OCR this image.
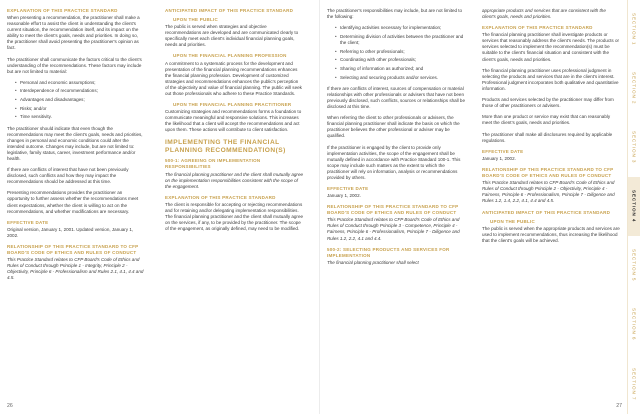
EXPLANATION OF THIS PRACTICE STANDARD

When presenting a recommendation, the practitioner shall make a reasonable effort to assist the client in understanding the client's current situation, the recommendation itself, and its impact on the ability to meet the client's goals, needs and priorities. In doing so, the practitioner shall avoid presenting the practitioner's opinion as fact.

The practitioner shall communicate the factors critical to the client's understanding of the recommendations. These factors may include but are not limited to material:

• Personal and economic assumptions;
• Interdependence of recommendations;
• Advantages and disadvantages;
• Risks; and/or
• Time sensitivity.

The practitioner should indicate that even though the recommendations may meet the client's goals, needs and priorities, changes in personal and economic conditions could alter the intended outcome. Changes may include, but are not limited to: legislative, family status, career, investment performance and/or health.

If there are conflicts of interest that have not been previously disclosed, such conflicts and how they may impact the recommendations should be addressed at this time.

Presenting recommendations provides the practitioner an opportunity to further assess whether the recommendations meet client expectations, whether the client is willing to act on the recommendations, and whether modifications are necessary.

EFFECTIVE DATE

Original version, January 1, 2001. Updated version, January 1, 2002.

RELATIONSHIP OF THIS PRACTICE STANDARD TO CFP BOARD'S CODE OF ETHICS AND RULES OF CONDUCT

This Practice Standard relates to CFP Board's Code of Ethics and Rules of Conduct through Principle 1 - Integrity, Principle 2 - Objectivity, Principle 6 - Professionalism and Rules 2.1, 4.1, 4.4 and 4.5.

ANTICIPATED IMPACT OF THIS PRACTICE STANDARD

UPON THE PUBLIC

The public is served when strategies and objective recommendations are developed and are communicated clearly to specifically meet each client's individual financial planning goals, needs and priorities.

UPON THE FINANCIAL PLANNING PROFESSION

A commitment to a systematic process for the development and presentation of the financial planning recommendations enhances the financial planning profession. Development of customized strategies and recommendations enhances the public's perception of the objectivity and value of financial planning. The public will seek out those professionals who adhere to these Practice Standards.

UPON THE FINANCIAL PLANNING PRACTITIONER

Customizing strategies and recommendations forms a foundation to communicate meaningful and responsive solutions. This increases the likelihood that a client will accept the recommendations and act upon them. These actions will contribute to client satisfaction.

IMPLEMENTING THE FINANCIAL PLANNING RECOMMENDATION(S)
500-1: AGREEING ON IMPLEMENTATION RESPONSIBILITIES

The financial planning practitioner and the client shall mutually agree on the implementation responsibilities consistent with the scope of the engagement.

EXPLANATION OF THIS PRACTICE STANDARD

The client is responsible for accepting or rejecting recommendations and for retaining and/or delegating implementation responsibilities. The financial planning practitioner and the client shall mutually agree on the services, if any, to be provided by the practitioner. The scope of the engagement, as originally defined, may need to be modified.

26

The practitioner's responsibilities may include, but are not limited to the following:

• Identifying activities necessary for implementation;
• Determining division of activities between the practitioner and the client;
• Referring to other professionals;
• Coordinating with other professionals;
• Sharing of information as authorized; and
• Selecting and securing products and/or services.

If there are conflicts of interest, sources of compensation or material relationships with other professionals or advisers that have not been previously disclosed, such conflicts, sources or relationships shall be disclosed at this time.

When referring the client to other professionals or advisers, the financial planning practitioner shall indicate the basis on which the practitioner believes the other professional or adviser may be qualified.

If the practitioner is engaged by the client to provide only implementation activities, the scope of the engagement shall be mutually defined in accordance with Practice Standard 100-1. This scope may include such matters as the extent to which the practitioner will rely on information, analysis or recommendations provided by others.

EFFECTIVE DATE

January 1, 2002.

RELATIONSHIP OF THIS PRACTICE STANDARD TO CFP BOARD'S CODE OF ETHICS AND RULES OF CONDUCT

This Practice Standard relates to CFP Board's Code of Ethics and Rules of Conduct through Principle 3 - Competence, Principle 4 - Fairness, Principle 6 - Professionalism, Principle 7 - Diligence and Rules 1.2, 2.2, 4.1 and 4.4.

500-2: SELECTING PRODUCTS AND SERVICES FOR IMPLEMENTATION

The financial planning practitioner shall select

appropriate products and services that are consistent with the client's goals, needs and priorities.

EXPLANATION OF THIS PRACTICE STANDARD

The financial planning practitioner shall investigate products or services that reasonably address the client's needs. The products or services selected to implement the recommendation(s) must be suitable to the client's financial situation and consistent with the client's goals, needs and priorities.

The financial planning practitioner uses professional judgment in selecting the products and services that are in the client's interest. Professional judgment incorporates both qualitative and quantitative information.

Products and services selected by the practitioner may differ from those of other practitioners or advisers.

More than one product or service may exist that can reasonably meet the client's goals, needs and priorities.

The practitioner shall make all disclosures required by applicable regulations.

EFFECTIVE DATE

January 1, 2002.

RELATIONSHIP OF THIS PRACTICE STANDARD TO CFP BOARD'S CODE OF ETHICS AND RULES OF CONDUCT

This Practice Standard relates to CFP Board's Code of Ethics and Rules of Conduct through Principle 2 - Objectivity, Principle 4 - Fairness, Principle 6 - Professionalism, Principle 7 - Diligence and Rules 1.2, 1.4, 2.2, 4.1, 4.4 and 4.5.

ANTICIPATED IMPACT OF THIS PRACTICE STANDARD

UPON THE PUBLIC

The public is served when the appropriate products and services are used to implement recommendations, thus increasing the likelihood that the client's goals will be achieved.

27
SECTION 1
SECTION 2
SECTION 3
SECTION 4
SECTION 5
SECTION 6
SECTION 7
